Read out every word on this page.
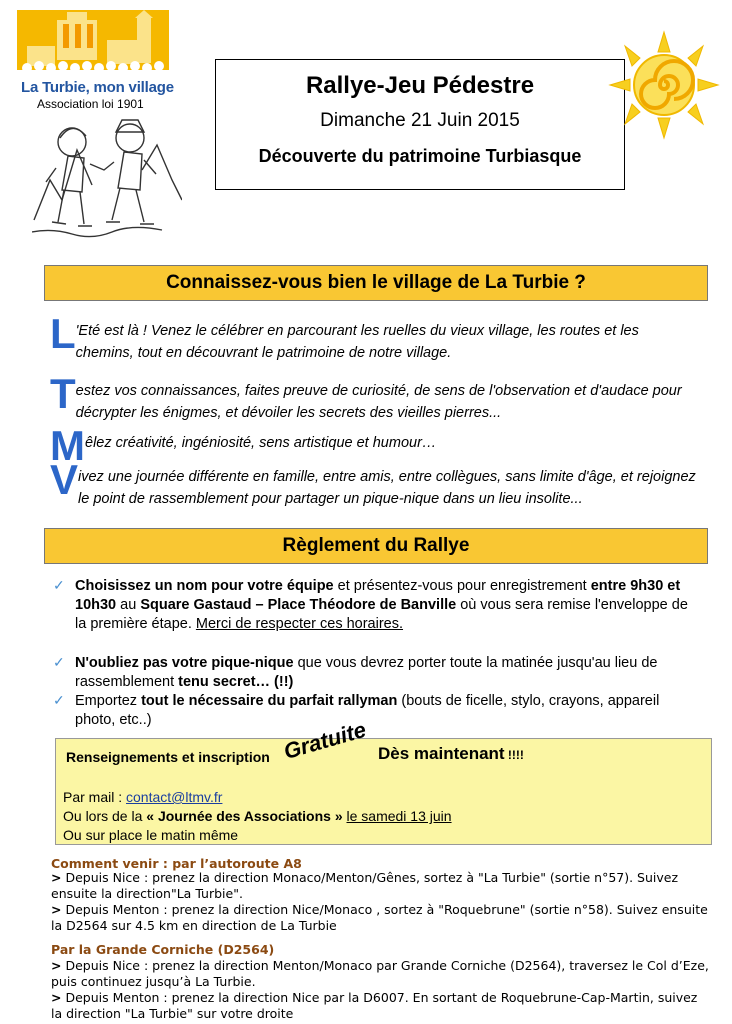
La Turbie, mon village
Association loi 1901
Rallye-Jeu Pédestre
Dimanche 21 Juin 2015
Découverte du patrimoine Turbiasque
Connaissez-vous bien le village de La Turbie ?
L 'Eté est là ! Venez le célébrer en parcourant les ruelles du vieux village, les routes et les chemins, tout en découvrant le patrimoine de notre village.
Testez vos connaissances, faites preuve de curiosité, de sens de l'observation et d'audace pour décrypter les énigmes, et dévoiler les secrets des vieilles pierres...
Mêlez créativité, ingéniosité, sens artistique et humour…
Vivez une journée différente en famille, entre amis, entre collègues, sans limite d'âge, et rejoignez le point de rassemblement pour partager un pique-nique dans un lieu insolite...
Règlement du Rallye
✓ Choisissez un nom pour votre équipe et présentez-vous pour enregistrement entre 9h30 et 10h30 au Square Gastaud – Place Théodore de Banville où vous sera remise l'enveloppe de la première étape. Merci de respecter ces horaires.
✓ N'oubliez pas votre pique-nique que vous devrez porter toute la matinée jusqu'au lieu de rassemblement tenu secret… (!!)
✓ Emportez tout le nécessaire du parfait rallyman (bouts de ficelle, stylo, crayons, appareil photo, etc..)
Renseignements et inscription Gratuite Dès maintenant !!!!
Par mail : contact@ltmv.fr
Ou lors de la « Journée des Associations » le samedi 13 juin
Ou sur place le matin même
Comment venir : par l’autoroute A8
> Depuis Nice : prenez la direction Monaco/Menton/Gênes, sortez à "La Turbie" (sortie n°57). Suivez ensuite la direction"La Turbie".
> Depuis Menton : prenez la direction Nice/Monaco , sortez à "Roquebrune" (sortie n°58). Suivez ensuite la D2564 sur 4.5 km en direction de La Turbie
Par la Grande Corniche (D2564)
> Depuis Nice : prenez la direction Menton/Monaco par Grande Corniche (D2564), traversez le Col d’Eze, puis continuez jusqu’à La Turbie.
> Depuis Menton : prenez la direction Nice par la D6007. En sortant de Roquebrune-Cap-Martin, suivez la direction "La Turbie" sur votre droite
